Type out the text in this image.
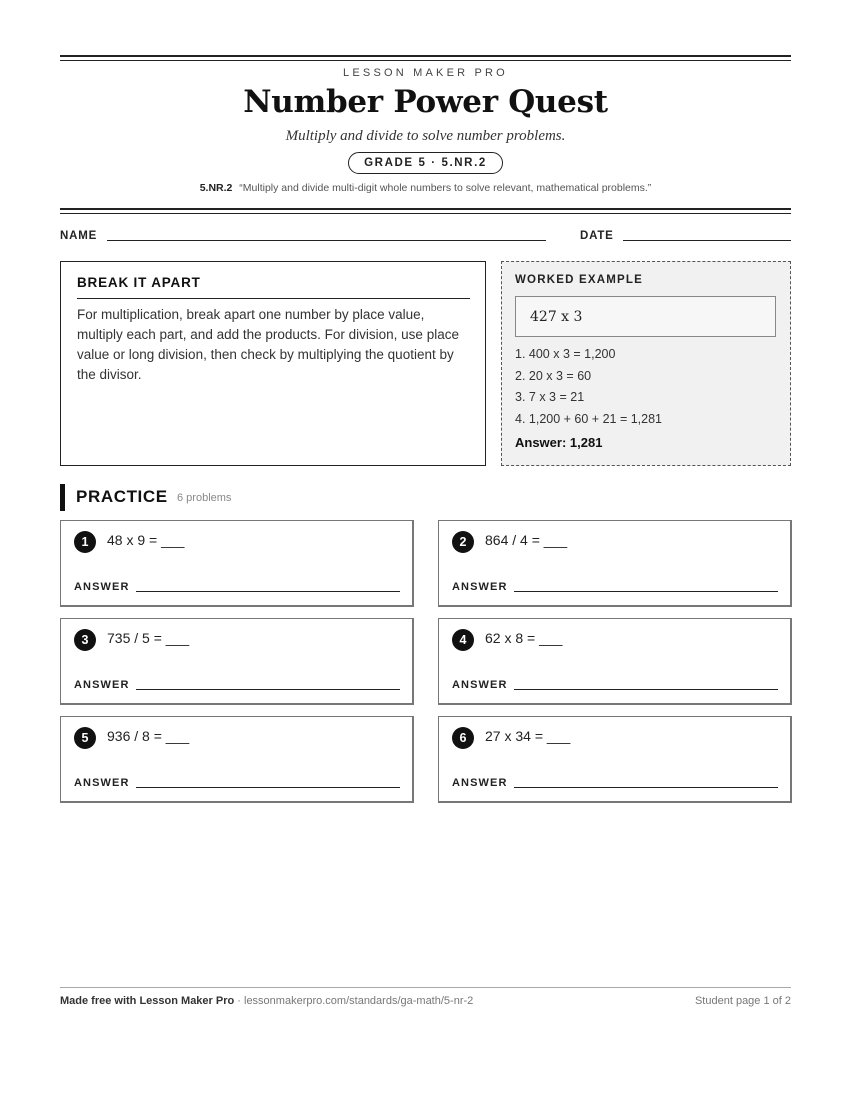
LESSON MAKER PRO
Number Power Quest
Multiply and divide to solve number problems.
GRADE 5 · 5.NR.2
5.NR.2 “Multiply and divide multi-digit whole numbers to solve relevant, mathematical problems.”
NAME	DATE
BREAK IT APART
For multiplication, break apart one number by place value, multiply each part, and add the products. For division, use place value or long division, then check by multiplying the quotient by the divisor.
WORKED EXAMPLE
427 x 3
1. 400 x 3 = 1,200
2. 20 x 3 = 60
3. 7 x 3 = 21
4. 1,200 + 60 + 21 = 1,281
Answer: 1,281
PRACTICE 6 problems
1	48 x 9 = ___
ANSWER
2	864 / 4 = ___
ANSWER
3	735 / 5 = ___
ANSWER
4	62 x 8 = ___
ANSWER
5	936 / 8 = ___
ANSWER
6	27 x 34 = ___
ANSWER
Made free with Lesson Maker Pro · lessonmakerpro.com/standards/ga-math/5-nr-2	Student page 1 of 2
